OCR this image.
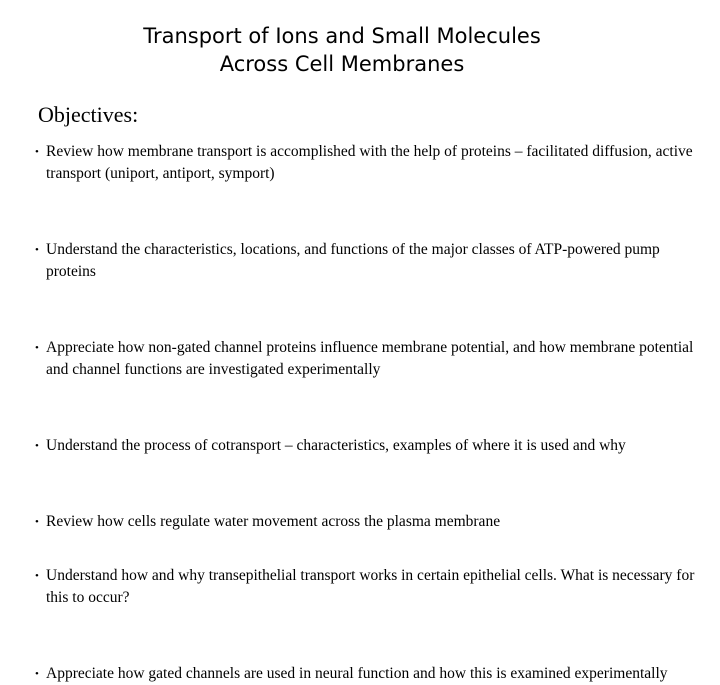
Transport of Ions and Small Molecules
Across Cell Membranes
Objectives:
• Review how membrane transport is accomplished with the help of proteins – facilitated diffusion, active transport (uniport, antiport, symport)
• Understand the characteristics, locations, and functions of the major classes of ATP-powered pump proteins
• Appreciate how non-gated channel proteins influence membrane potential, and how membrane potential and channel functions are investigated experimentally
• Understand the process of cotransport – characteristics, examples of where it is used and why
• Review how cells regulate water movement across the plasma membrane
• Understand how and why transepithelial transport works in certain epithelial cells. What is necessary for this to occur?
• Appreciate how gated channels are used in neural function and how this is examined experimentally
